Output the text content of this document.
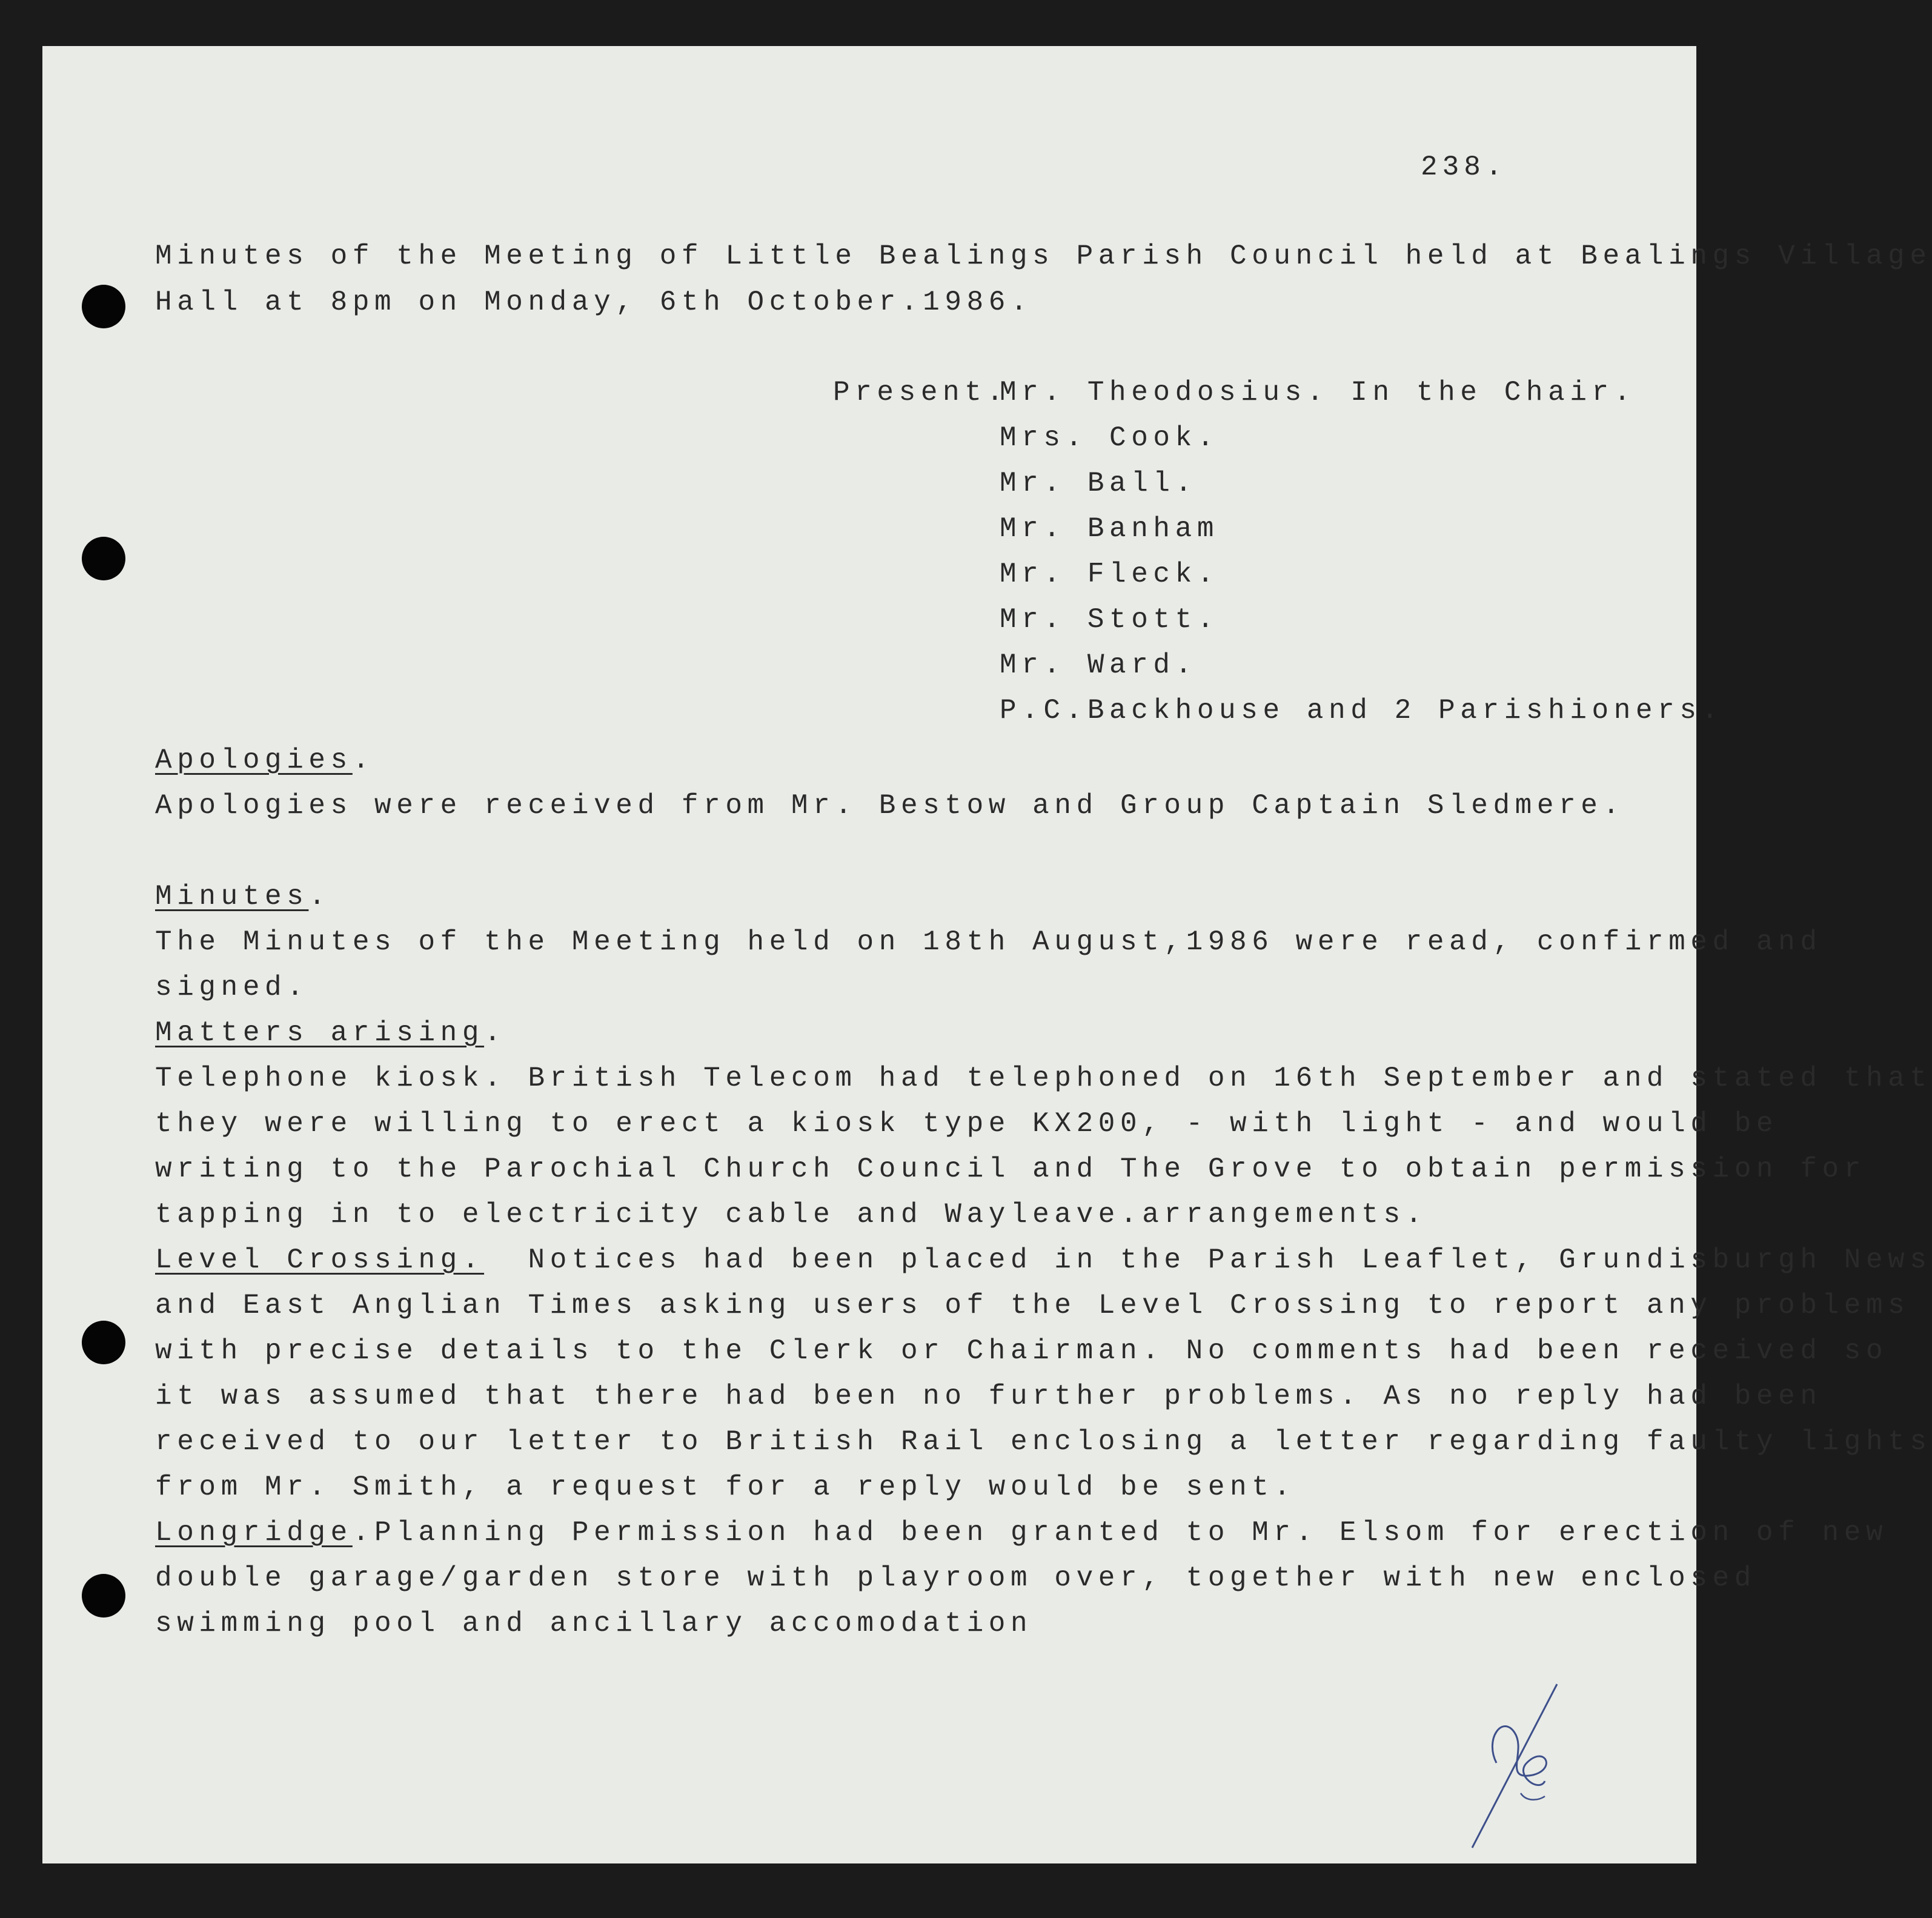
238.
Minutes of the Meeting of Little Bealings Parish Council held at Bealings Village
Hall at 8pm on Monday, 6th October.1986.
Present.
Mr. Theodosius. In the Chair.
Mrs. Cook.
Mr. Ball.
Mr. Banham
Mr. Fleck.
Mr. Stott.
Mr. Ward.
P.C.Backhouse and 2 Parishioners.
Apologies.
Apologies were received from Mr. Bestow and Group Captain Sledmere.
Minutes.
The Minutes of the Meeting held on 18th August,1986 were read, confirmed and
signed.
Matters arising.
Telephone kiosk. British Telecom had telephoned on 16th September and stated that
they were willing to erect a kiosk type KX200, - with light - and would be
writing to the Parochial Church Council and The Grove to obtain permission for
tapping in to electricity cable and Wayleave.arrangements.
Level Crossing. Notices had been placed in the Parish Leaflet, Grundisburgh News
and East Anglian Times asking users of the Level Crossing to report any problems
with precise details to the Clerk or Chairman. No comments had been received so
it was assumed that there had been no further problems. As no reply had been
received to our letter to British Rail enclosing a letter regarding faulty lights
from Mr. Smith, a request for a reply would be sent.
Longridge.Planning Permission had been granted to Mr. Elsom for erection of new
double garage/garden store with playroom over, together with new enclosed
swimming pool and ancillary accomodation
